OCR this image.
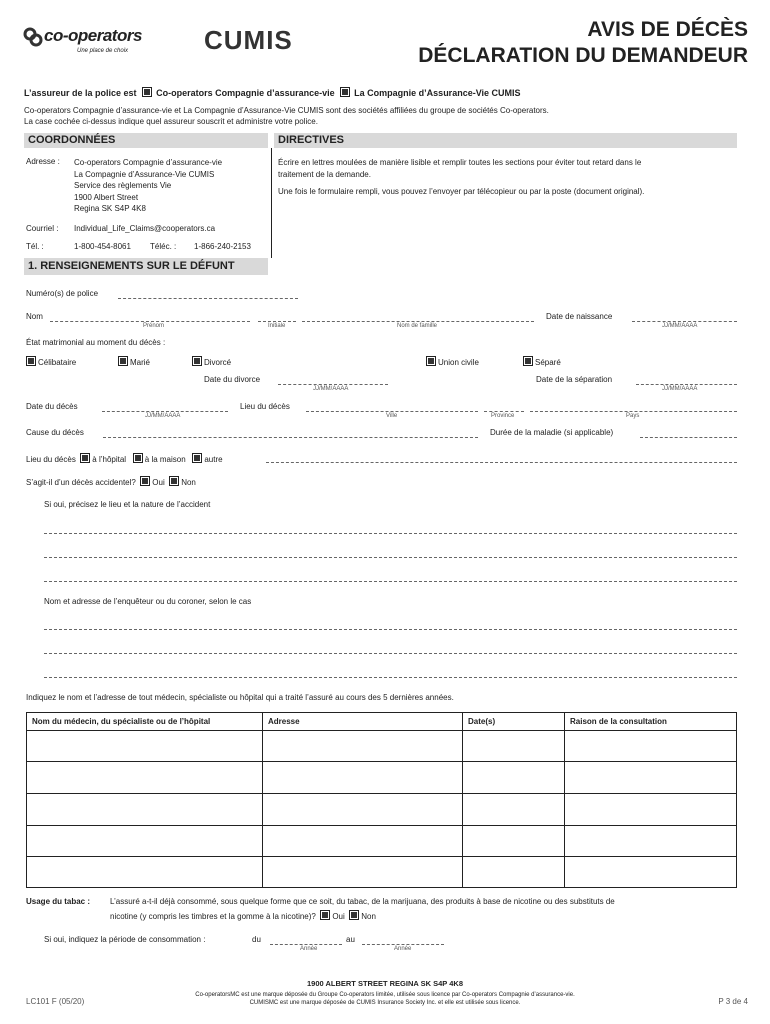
co-operators
Une place de choix	CUMIS	AVIS DE DÉCÈS
DÉCLARATION DU DEMANDEUR
L’assureur de la police est Co-operators Compagnie d’assurance-vie La Compagnie d’Assurance-Vie CUMIS
Co-operators Compagnie d’assurance-vie et La Compagnie d’Assurance-Vie CUMIS sont des sociétés affiliées du groupe de sociétés Co-operators.
La case cochée ci-dessus indique quel assureur souscrit et administre votre police.
COORDONNÉES	DIRECTIVES
Adresse : Co-operators Compagnie d’assurance-vie
La Compagnie d’Assurance-Vie CUMIS
Service des règlements Vie
1900 Albert Street
Regina SK S4P 4K8
Courriel : Individual_Life_Claims@cooperators.ca
Tél. :	1-800-454-8061 Téléc. : 1-866-240-2153
Écrire en lettres moulées de manière lisible et remplir toutes les sections pour éviter tout retard dans le
traitement de la demande.
Une fois le formulaire rempli, vous pouvez l’envoyer par télécopieur ou par la poste (document original).
1. RENSEIGNEMENTS SUR LE DÉFUNT
Numéro(s) de police
Nom
Prénom	Initiale	Nom de famille
Date de naissance
JJ/MM/AAAA
État matrimonial au moment du décès :
Célibataire	Marié	Divorcé	Union civile	Séparé
Date du divorce
JJ/MM/AAAA
Date de la séparation
JJ/MM/AAAA
Date du décès
JJ/MM/AAAA
Lieu du décès
Ville	Province	Pays
Cause du décès	Durée de la maladie (si applicable)
Lieu du décès à l’hôpital à la maison autre
S’agit-il d’un décès accidentel? Oui Non
Si oui, précisez le lieu et la nature de l’accident
Nom et adresse de l’enquêteur ou du coroner, selon le cas
Indiquez le nom et l’adresse de tout médecin, spécialiste ou hôpital qui a traité l’assuré au cours des 5 dernières années.
Nom du médecin, du spécialiste ou de l’hôpital	Adresse	Date(s)	Raison de la consultation
Usage du tabac : L’assuré a-t-il déjà consommé, sous quelque forme que ce soit, du tabac, de la marijuana, des produits à base de nicotine ou des substituts de
nicotine (y compris les timbres et la gomme à la nicotine)? Oui Non
Si oui, indiquez la période de consommation :	du
Année
au
Année
1900 ALBERT STREET REGINA SK S4P 4K8
Co-operatorsMC est une marque déposée du Groupe Co-operators limitée, utilisée sous licence par Co-operators Compagnie d’assurance-vie.
CUMISMC est une marque déposée de CUMIS Insurance Society Inc. et elle est utilisée sous licence.
LC101 F (05/20)	P 3 de 4
